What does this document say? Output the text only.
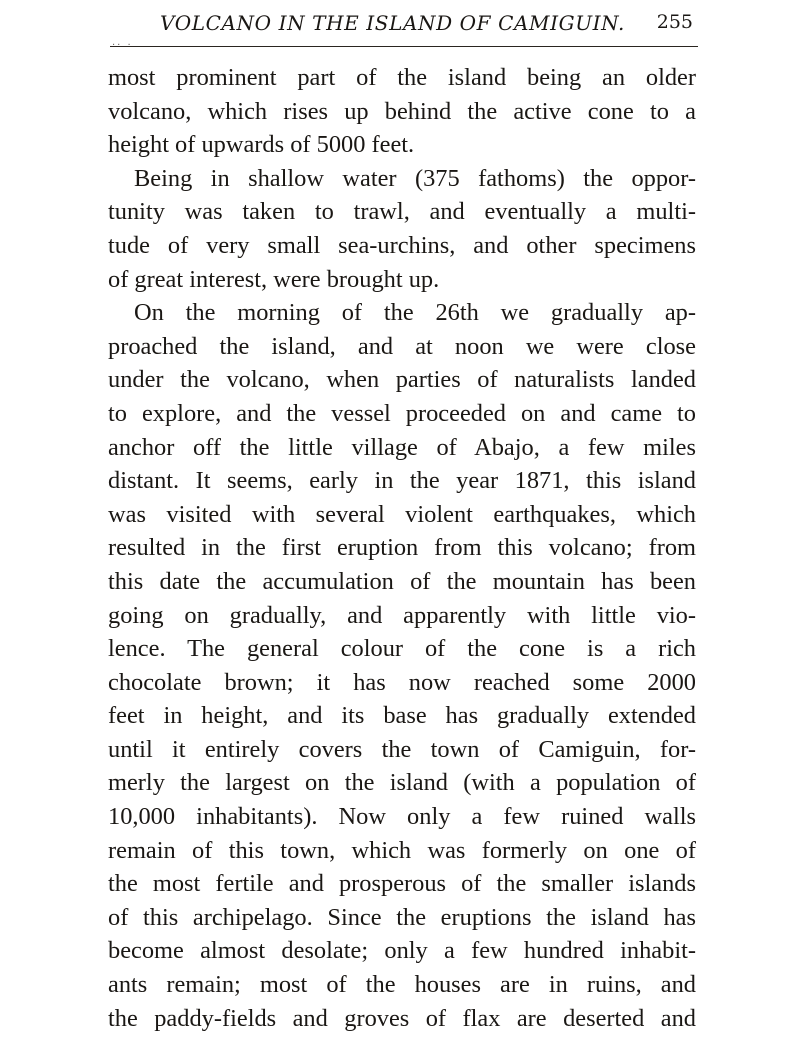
VOLCANO IN THE ISLAND OF CAMIGUIN. 255
·· ·
most prominent part of the island being an older
volcano, which rises up behind the active cone to a
height of upwards of 5000 feet.
Being in shallow water (375 fathoms) the oppor-
tunity was taken to trawl, and eventually a multi-
tude of very small sea-urchins, and other specimens
of great interest, were brought up.
On the morning of the 26th we gradually ap-
proached the island, and at noon we were close
under the volcano, when parties of naturalists landed
to explore, and the vessel proceeded on and came to
anchor off the little village of Abajo, a few miles
distant. It seems, early in the year 1871, this island
was visited with several violent earthquakes, which
resulted in the first eruption from this volcano; from
this date the accumulation of the mountain has been
going on gradually, and apparently with little vio-
lence. The general colour of the cone is a rich
chocolate brown; it has now reached some 2000
feet in height, and its base has gradually extended
until it entirely covers the town of Camiguin, for-
merly the largest on the island (with a population of
10,000 inhabitants). Now only a few ruined walls
remain of this town, which was formerly on one of
the most fertile and prosperous of the smaller islands
of this archipelago. Since the eruptions the island has
become almost desolate; only a few hundred inhabit-
ants remain; most of the houses are in ruins, and
the paddy-fields and groves of flax are deserted and
